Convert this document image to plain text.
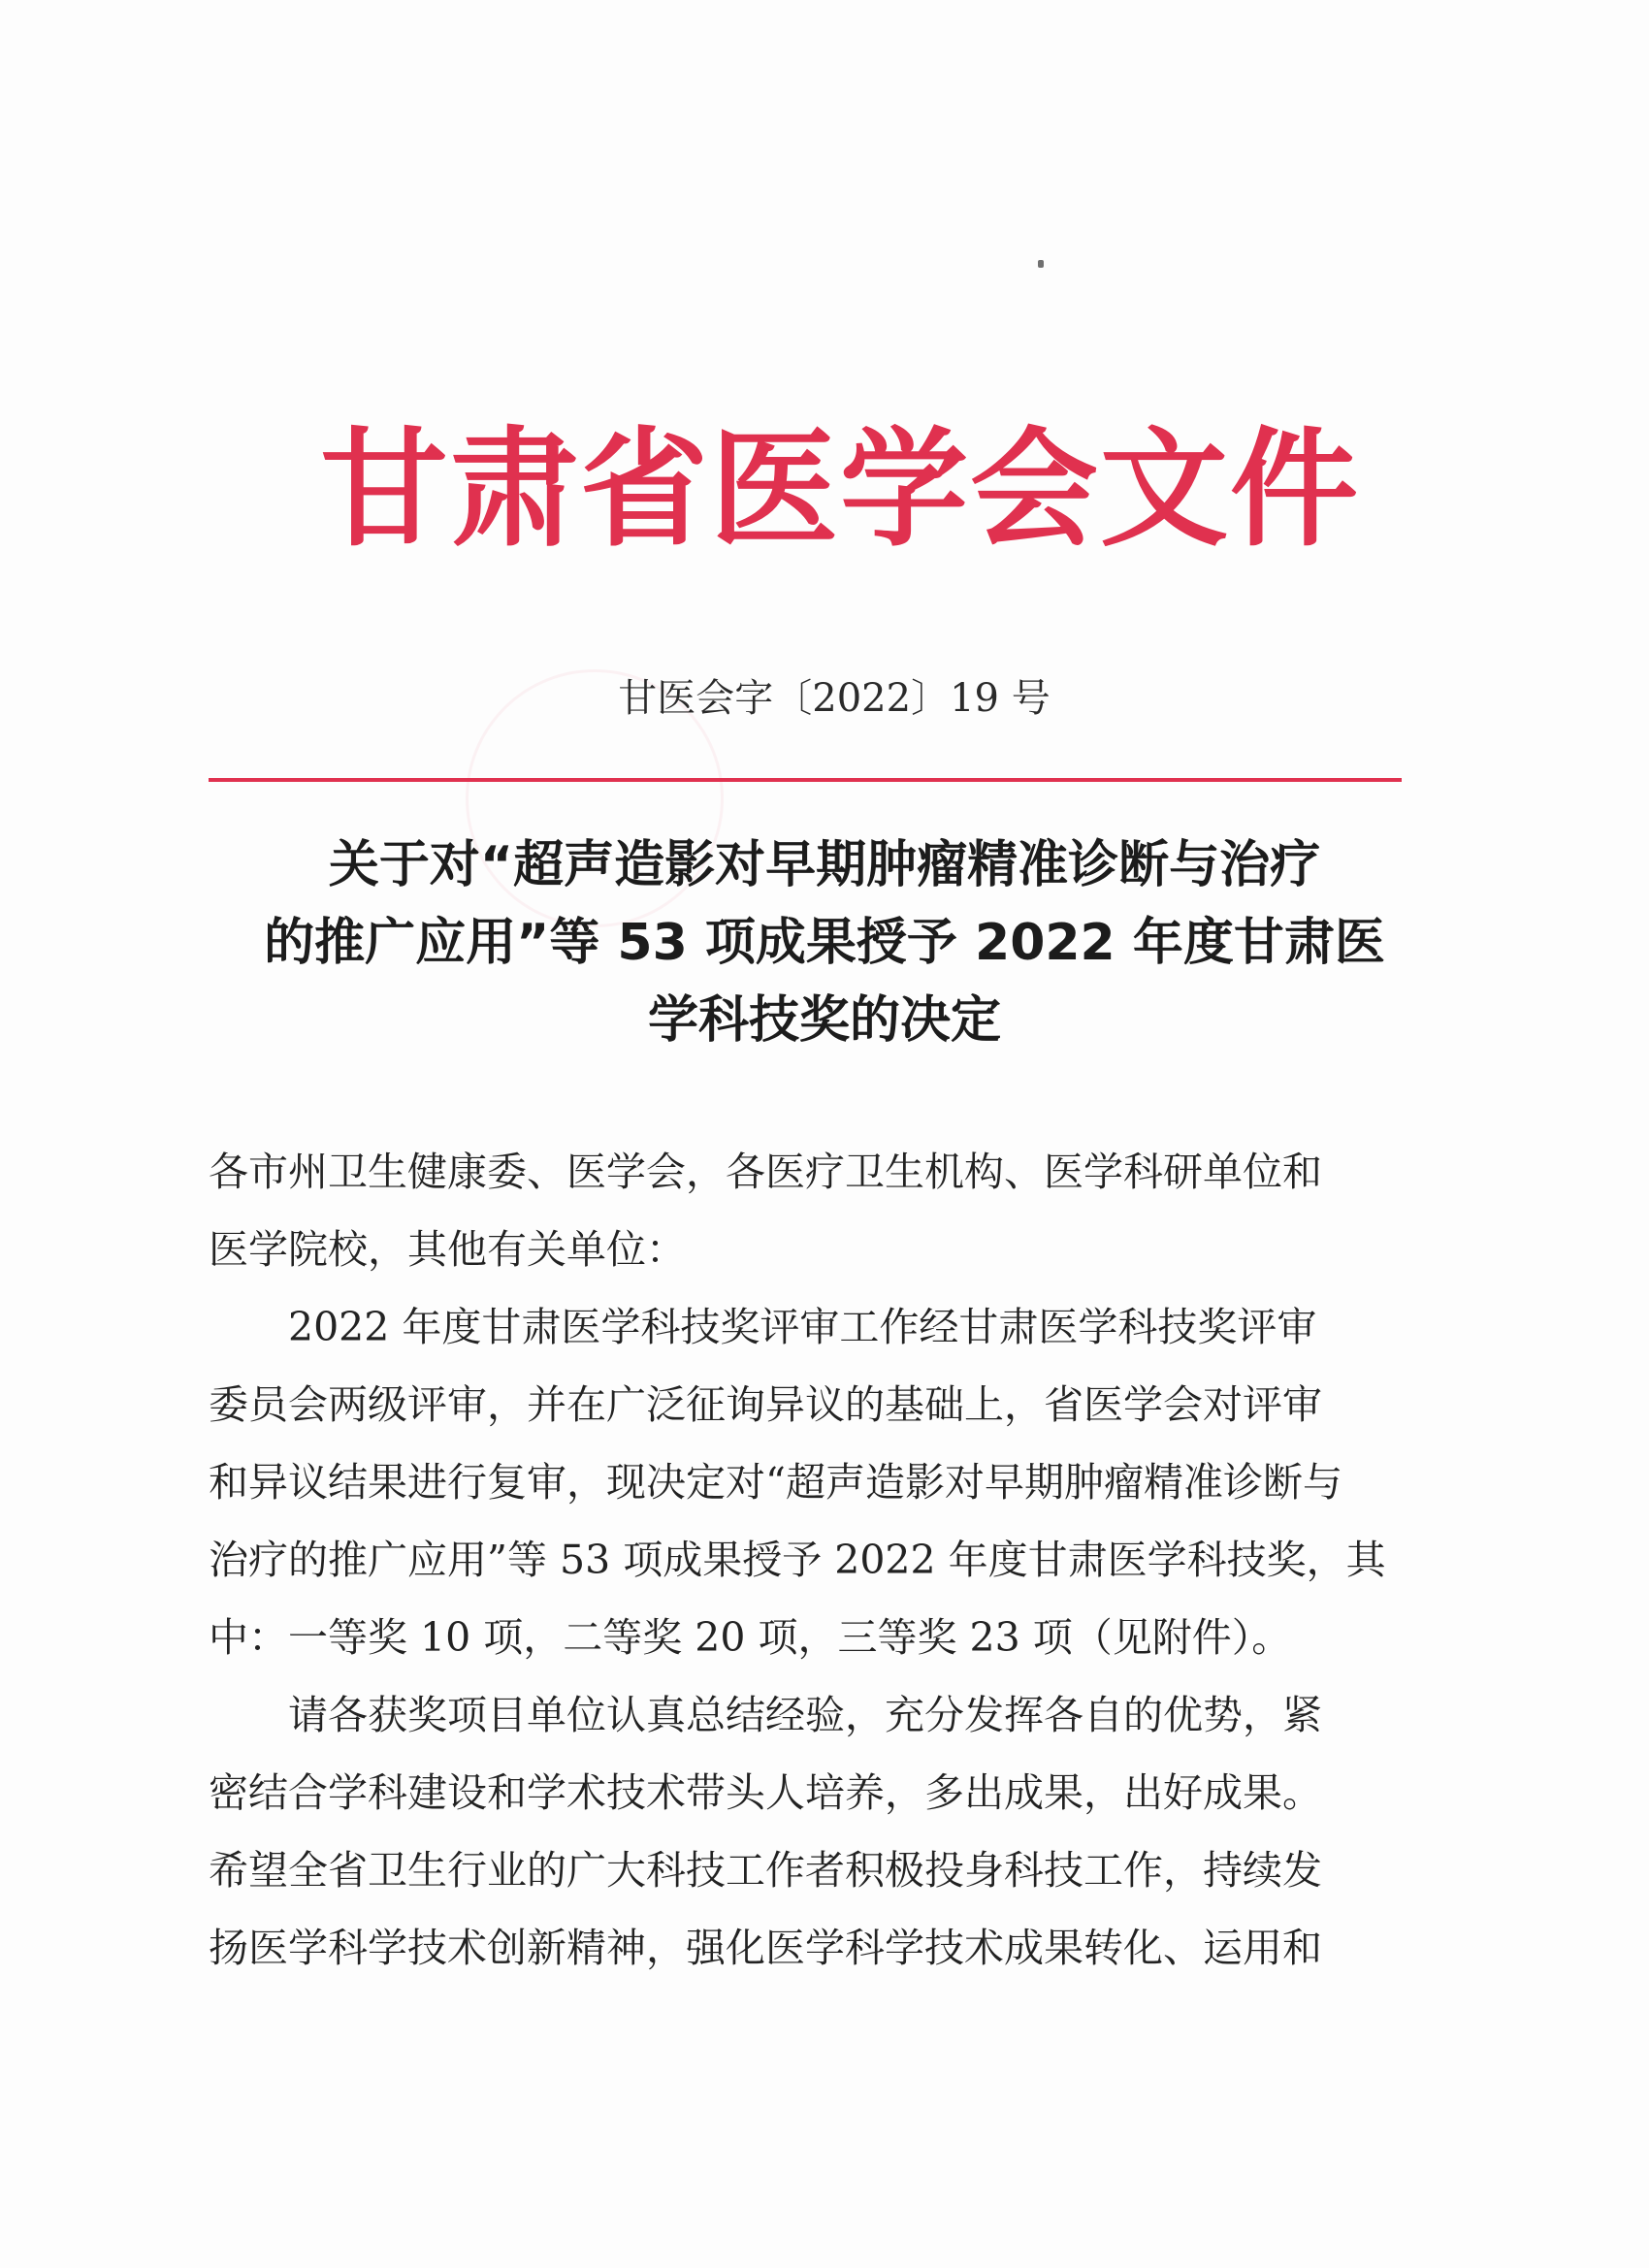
甘肃省医学会文件
甘医会字〔2022〕19 号
关于对“超声造影对早期肿瘤精准诊断与治疗
的推广应用”等 53 项成果授予 2022 年度甘肃医
学科技奖的决定
各市州卫生健康委、医学会，各医疗卫生机构、医学科研单位和
医学院校，其他有关单位：
　　2022 年度甘肃医学科技奖评审工作经甘肃医学科技奖评审
委员会两级评审，并在广泛征询异议的基础上，省医学会对评审
和异议结果进行复审，现决定对“超声造影对早期肿瘤精准诊断与
治疗的推广应用”等 53 项成果授予 2022 年度甘肃医学科技奖，其
中：一等奖 10 项，二等奖 20 项，三等奖 23 项（见附件）。
　　请各获奖项目单位认真总结经验，充分发挥各自的优势，紧
密结合学科建设和学术技术带头人培养，多出成果，出好成果。
希望全省卫生行业的广大科技工作者积极投身科技工作，持续发
扬医学科学技术创新精神，强化医学科学技术成果转化、运用和
